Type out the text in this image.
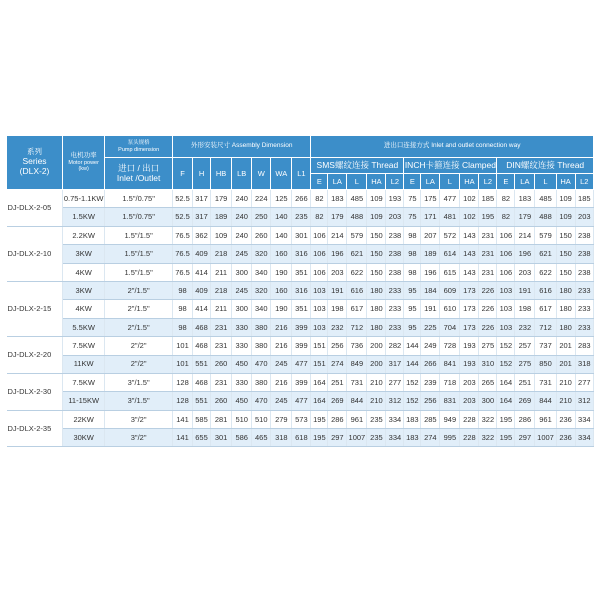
系列
Series
(DLX-2)	电机功率
Motor power
(kw)	泵头规格
Pump dimension	外形安装尺寸 Assembly Dimension							进出口连接方式 Inlet and outlet connection way														

		进口 / 出口
Inlet /Outlet	F	H	HB	LB	W	WA	L1	SMS螺纹连接 Thread					INCH卡箍连接 Clamped					DIN螺纹连接 Thread				
										E	LA	L	HA	L2	E	LA	L	HA	L2	E	LA	L	HA	L2
DJ-DLX-2-05	0.75-1.1KW	1.5"/0.75"	52.5	317	179	240	224	125	266	82	183	485	109	193	75	175	477	102	185	82	183	485	109	185
	1.5KW	1.5"/0.75"	52.5	317	189	240	250	140	235	82	179	488	109	203	75	171	481	102	195	82	179	488	109	203
DJ-DLX-2-10	2.2KW	1.5"/1.5"	76.5	362	109	240	260	140	301	106	214	579	150	238	98	207	572	143	231	106	214	579	150	238
	3KW	1.5"/1.5"	76.5	409	218	245	320	160	316	106	196	621	150	238	98	189	614	143	231	106	196	621	150	238
	4KW	1.5"/1.5"	76.5	414	211	300	340	190	351	106	203	622	150	238	98	196	615	143	231	106	203	622	150	238
DJ-DLX-2-15	3KW	2"/1.5"	98	409	218	245	320	160	316	103	191	616	180	233	95	184	609	173	226	103	191	616	180	233
	4KW	2"/1.5"	98	414	211	300	340	190	351	103	198	617	180	233	95	191	610	173	226	103	198	617	180	233
	5.5KW	2"/1.5"	98	468	231	330	380	216	399	103	232	712	180	233	95	225	704	173	226	103	232	712	180	233
DJ-DLX-2-20	7.5KW	2"/2"	101	468	231	330	380	216	399	151	256	736	200	282	144	249	728	193	275	152	257	737	201	283
	11KW	2"/2"	101	551	260	450	470	245	477	151	274	849	200	317	144	266	841	193	310	152	275	850	201	318
DJ-DLX-2-30	7.5KW	3"/1.5"	128	468	231	330	380	216	399	164	251	731	210	277	152	239	718	203	265	164	251	731	210	277
	11-15KW	3"/1.5"	128	551	260	450	470	245	477	164	269	844	210	312	152	256	831	203	300	164	269	844	210	312
DJ-DLX-2-35	22KW	3"/2"	141	585	281	510	510	279	573	195	286	961	235	334	183	285	949	228	322	195	286	961	236	334
	30KW	3"/2"	141	655	301	586	465	318	618	195	297	1007	235	334	183	274	995	228	322	195	297	1007	236	334
